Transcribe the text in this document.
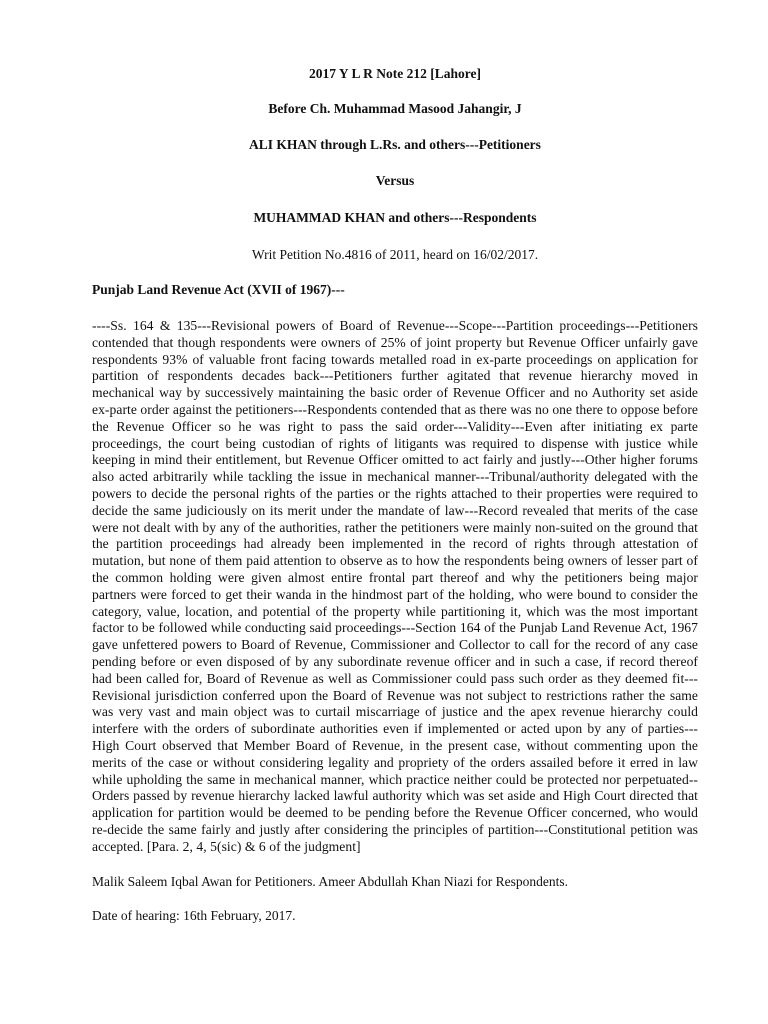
2017 Y L R Note 212 [Lahore]

Before Ch. Muhammad Masood Jahangir, J

ALI KHAN through L.Rs. and others---Petitioners

Versus

MUHAMMAD KHAN and others---Respondents

Writ Petition No.4816 of 2011, heard on 16/02/2017.

Punjab Land Revenue Act (XVII of 1967)---

----Ss. 164 & 135---Revisional powers of Board of Revenue---Scope---Partition proceedings---Petitioners contended that though respondents were owners of 25% of joint property but Revenue Officer unfairly gave respondents 93% of valuable front facing towards metalled road in ex-parte proceedings on application for partition of respondents decades back---Petitioners further agitated that revenue hierarchy moved in mechanical way by successively maintaining the basic order of Revenue Officer and no Authority set aside ex-parte order against the petitioners---Respondents contended that as there was no one there to oppose before the Revenue Officer so he was right to pass the said order---Validity---Even after initiating ex parte proceedings, the court being custodian of rights of litigants was required to dispense with justice while keeping in mind their entitlement, but Revenue Officer omitted to act fairly and justly---Other higher forums also acted arbitrarily while tackling the issue in mechanical manner---Tribunal/authority delegated with the powers to decide the personal rights of the parties or the rights attached to their properties were required to decide the same judiciously on its merit under the mandate of law---Record revealed that merits of the case were not dealt with by any of the authorities, rather the petitioners were mainly non-suited on the ground that the partition proceedings had already been implemented in the record of rights through attestation of mutation, but none of them paid attention to observe as to how the respondents being owners of lesser part of the common holding were given almost entire frontal part thereof and why the petitioners being major partners were forced to get their wanda in the hindmost part of the holding, who were bound to consider the category, value, location, and potential of the property while partitioning it, which was the most important factor to be followed while conducting said proceedings---Section 164 of the Punjab Land Revenue Act, 1967 gave unfettered powers to Board of Revenue, Commissioner and Collector to call for the record of any case pending before or even disposed of by any subordinate revenue officer and in such a case, if record thereof had been called for, Board of Revenue as well as Commissioner could pass such order as they deemed fit---Revisional jurisdiction conferred upon the Board of Revenue was not subject to restrictions rather the same was very vast and main object was to curtail miscarriage of justice and the apex revenue hierarchy could interfere with the orders of subordinate authorities even if implemented or acted upon by any of parties---High Court observed that Member Board of Revenue, in the present case, without commenting upon the merits of the case or without considering legality and propriety of the orders assailed before it erred in law while upholding the same in mechanical manner, which practice neither could be protected nor perpetuated--Orders passed by revenue hierarchy lacked lawful authority which was set aside and High Court directed that application for partition would be deemed to be pending before the Revenue Officer concerned, who would re-decide the same fairly and justly after considering the principles of partition---Constitutional petition was accepted. [Para. 2, 4, 5(sic) & 6 of the judgment]

Malik Saleem Iqbal Awan for Petitioners. Ameer Abdullah Khan Niazi for Respondents.

Date of hearing: 16th February, 2017.
